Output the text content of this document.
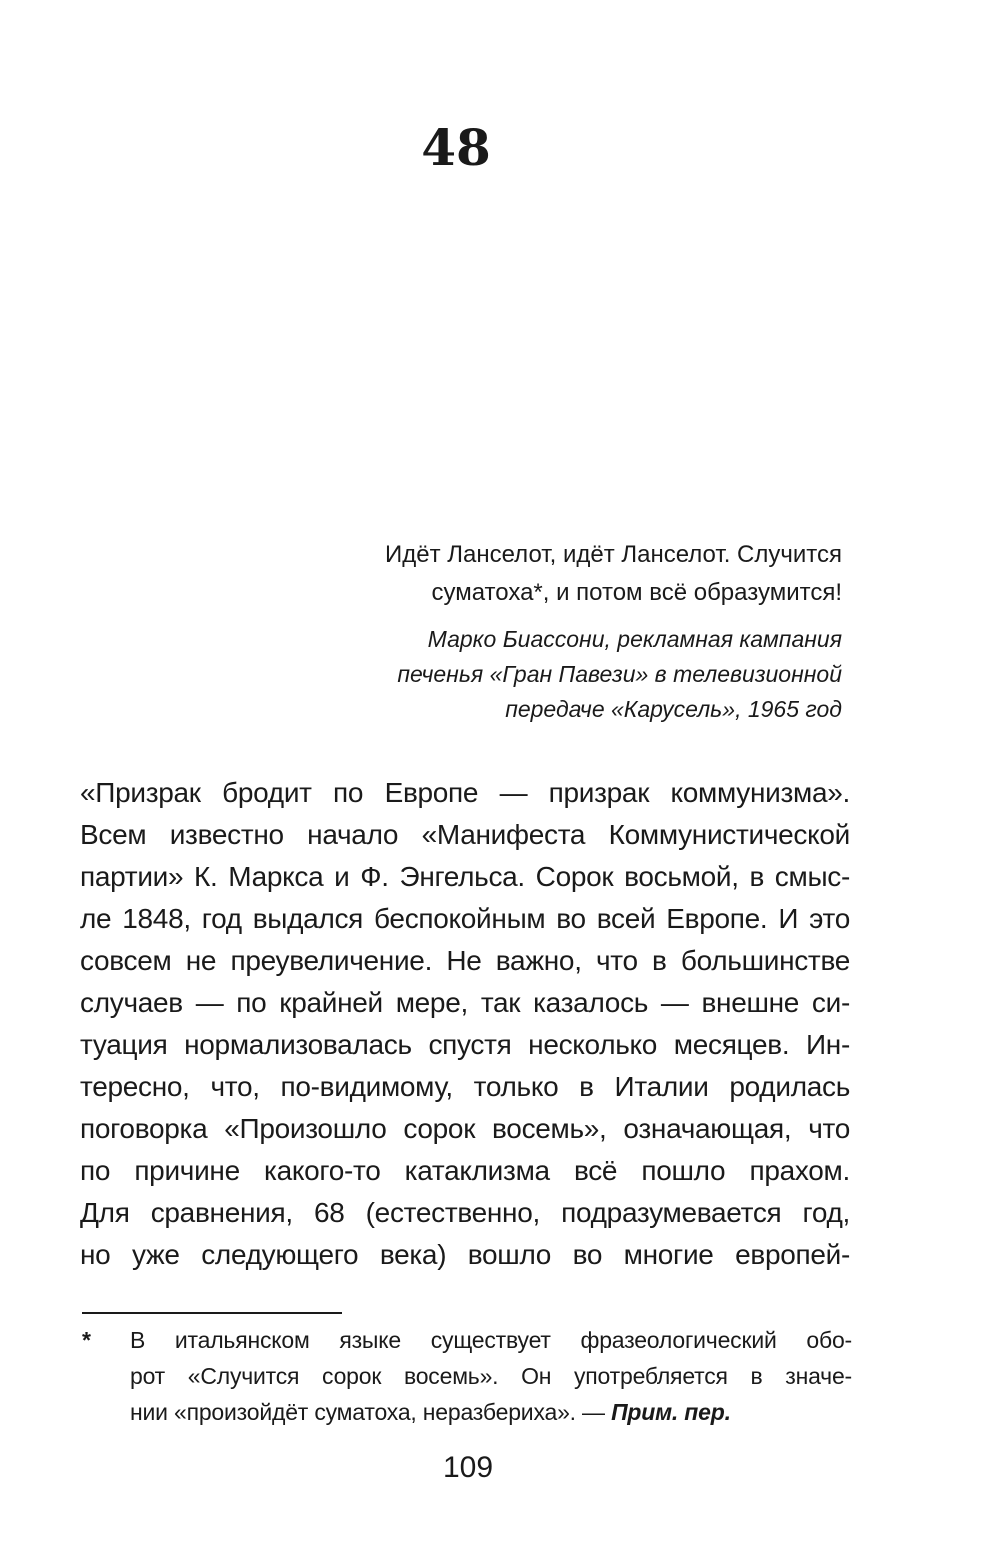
48

Идёт Ланселот, идёт Ланселот. Случится
суматоха*, и потом всё образумится!

Марко Биассони, рекламная кампания
печенья «Гран Павези» в телевизионной
передаче «Карусель», 1965 год

«Призрак бродит по Европе — призрак коммунизма».
Всем известно начало «Манифеста Коммунистической
партии» К. Маркса и Ф. Энгельса. Сорок восьмой, в смыс-
ле 1848, год выдался беспокойным во всей Европе. И это
совсем не преувеличение. Не важно, что в большинстве
случаев — по крайней мере, так казалось — внешне си-
туация нормализовалась спустя несколько месяцев. Ин-
тересно, что, по-видимому, только в Италии родилась
поговорка «Произошло сорок восемь», означающая, что
по причине какого-то катаклизма всё пошло прахом.
Для сравнения, 68 (естественно, подразумевается год,
но уже следующего века) вошло во многие европей-
* В итальянском языке существует фразеологический обо-
рот «Случится сорок восемь». Он употребляется в значе-
нии «произойдёт суматоха, неразбериха». — Прим. пер.

109
